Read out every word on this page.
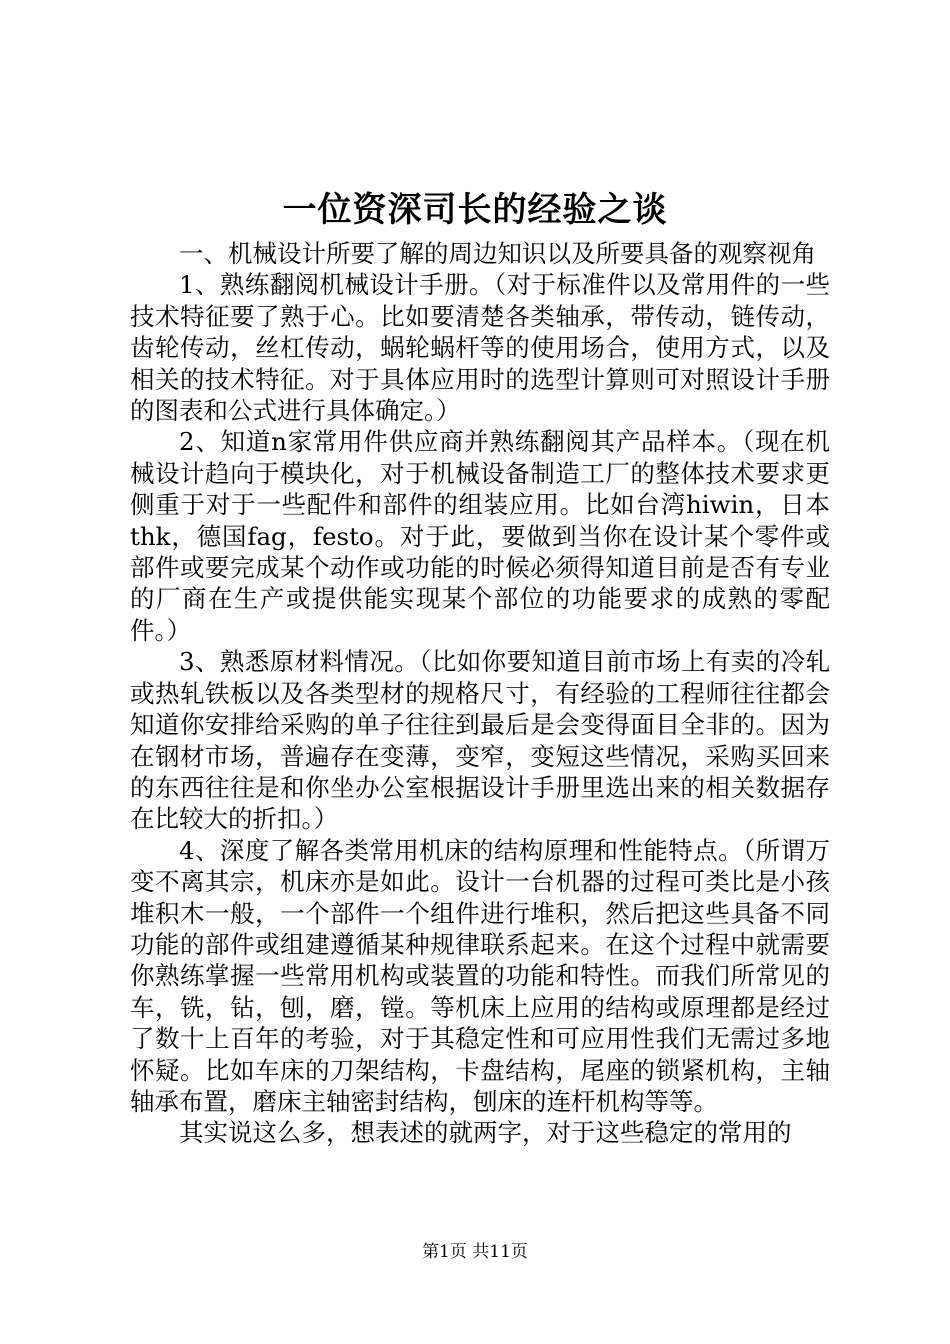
一位资深司长的经验之谈

一、机械设计所要了解的周边知识以及所要具备的观察视角

1、熟练翻阅机械设计手册。（对于标准件以及常用件的一些技术特征要了熟于心。比如要清楚各类轴承，带传动，链传动，齿轮传动，丝杠传动，蜗轮蜗杆等的使用场合，使用方式，以及相关的技术特征。对于具体应用时的选型计算则可对照设计手册的图表和公式进行具体确定。）

2、知道n家常用件供应商并熟练翻阅其产品样本。（现在机械设计趋向于模块化，对于机械设备制造工厂的整体技术要求更侧重于对于一些配件和部件的组装应用。比如台湾hiwin，日本thk，德国fag，festo。对于此，要做到当你在设计某个零件或部件或要完成某个动作或功能的时候必须得知道目前是否有专业的厂商在生产或提供能实现某个部位的功能要求的成熟的零配件。）

3、熟悉原材料情况。（比如你要知道目前市场上有卖的冷轧或热轧铁板以及各类型材的规格尺寸，有经验的工程师往往都会知道你安排给采购的单子往往到最后是会变得面目全非的。因为在钢材市场，普遍存在变薄，变窄，变短这些情况，采购买回来的东西往往是和你坐办公室根据设计手册里选出来的相关数据存在比较大的折扣。）

4、深度了解各类常用机床的结构原理和性能特点。（所谓万变不离其宗，机床亦是如此。设计一台机器的过程可类比是小孩堆积木一般，一个部件一个组件进行堆积，然后把这些具备不同功能的部件或组建遵循某种规律联系起来。在这个过程中就需要你熟练掌握一些常用机构或装置的功能和特性。而我们所常见的车，铣，钻，刨，磨，镗。等机床上应用的结构或原理都是经过了数十上百年的考验，对于其稳定性和可应用性我们无需过多地怀疑。比如车床的刀架结构，卡盘结构，尾座的锁紧机构，主轴轴承布置，磨床主轴密封结构，刨床的连杆机构等等。

其实说这么多，想表述的就两字，对于这些稳定的常用的

第1页 共11页
